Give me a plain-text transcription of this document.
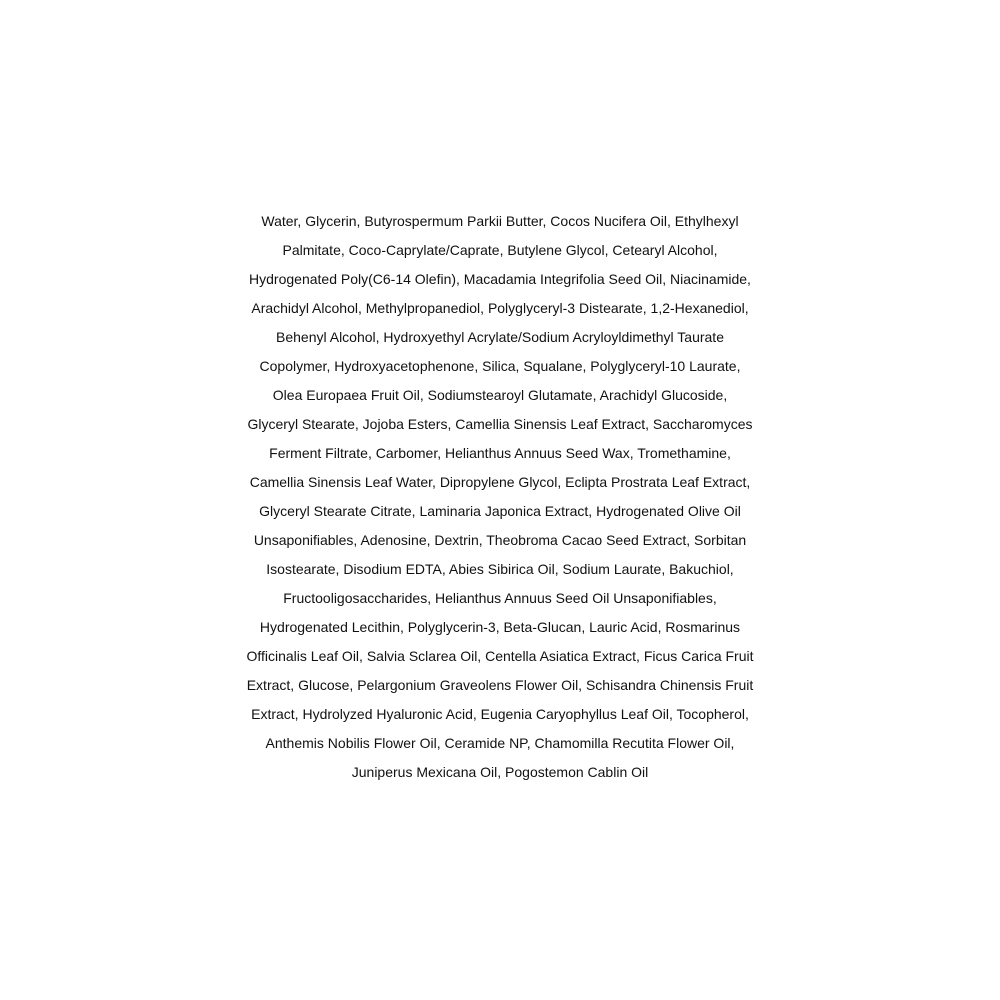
Water, Glycerin, Butyrospermum Parkii Butter, Cocos Nucifera Oil, Ethylhexyl
Palmitate, Coco-Caprylate/Caprate, Butylene Glycol, Cetearyl Alcohol,
Hydrogenated Poly(C6-14 Olefin), Macadamia Integrifolia Seed Oil, Niacinamide,
Arachidyl Alcohol, Methylpropanediol, Polyglyceryl-3 Distearate, 1,2-Hexanediol,
Behenyl Alcohol, Hydroxyethyl Acrylate/Sodium Acryloyldimethyl Taurate
Copolymer, Hydroxyacetophenone, Silica, Squalane, Polyglyceryl-10 Laurate,
Olea Europaea Fruit Oil, Sodiumstearoyl Glutamate, Arachidyl Glucoside,
Glyceryl Stearate, Jojoba Esters, Camellia Sinensis Leaf Extract, Saccharomyces
Ferment Filtrate, Carbomer, Helianthus Annuus Seed Wax, Tromethamine,
Camellia Sinensis Leaf Water, Dipropylene Glycol, Eclipta Prostrata Leaf Extract,
Glyceryl Stearate Citrate, Laminaria Japonica Extract, Hydrogenated Olive Oil
Unsaponifiables, Adenosine, Dextrin, Theobroma Cacao Seed Extract, Sorbitan
Isostearate, Disodium EDTA, Abies Sibirica Oil, Sodium Laurate, Bakuchiol,
Fructooligosaccharides, Helianthus Annuus Seed Oil Unsaponifiables,
Hydrogenated Lecithin, Polyglycerin-3, Beta-Glucan, Lauric Acid, Rosmarinus
Officinalis Leaf Oil, Salvia Sclarea Oil, Centella Asiatica Extract, Ficus Carica Fruit
Extract, Glucose, Pelargonium Graveolens Flower Oil, Schisandra Chinensis Fruit
Extract, Hydrolyzed Hyaluronic Acid, Eugenia Caryophyllus Leaf Oil, Tocopherol,
Anthemis Nobilis Flower Oil, Ceramide NP, Chamomilla Recutita Flower Oil,
Juniperus Mexicana Oil, Pogostemon Cablin Oil
